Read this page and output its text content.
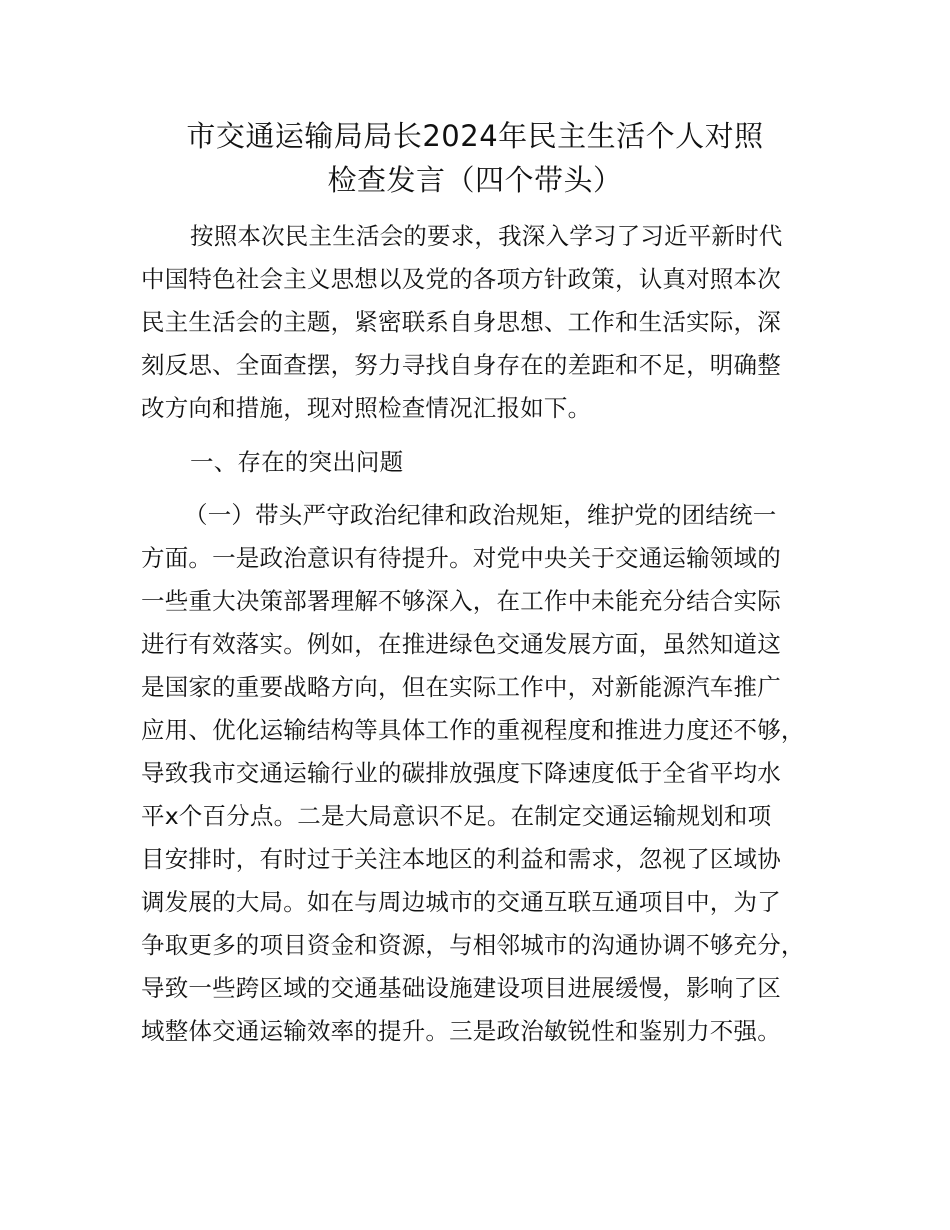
市交通运输局局长2024年民主生活个人对照
检查发言（四个带头）
按照本次民主生活会的要求，我深入学习了习近平新时代
中国特色社会主义思想以及党的各项方针政策，认真对照本次
民主生活会的主题，紧密联系自身思想、工作和生活实际，深
刻反思、全面查摆，努力寻找自身存在的差距和不足，明确整
改方向和措施，现对照检查情况汇报如下。
一、存在的突出问题
（一）带头严守政治纪律和政治规矩，维护党的团结统一
方面。一是政治意识有待提升。对党中央关于交通运输领域的
一些重大决策部署理解不够深入，在工作中未能充分结合实际
进行有效落实。例如，在推进绿色交通发展方面，虽然知道这
是国家的重要战略方向，但在实际工作中，对新能源汽车推广
应用、优化运输结构等具体工作的重视程度和推进力度还不够，
导致我市交通运输行业的碳排放强度下降速度低于全省平均水
平x个百分点。二是大局意识不足。在制定交通运输规划和项
目安排时，有时过于关注本地区的利益和需求，忽视了区域协
调发展的大局。如在与周边城市的交通互联互通项目中，为了
争取更多的项目资金和资源，与相邻城市的沟通协调不够充分，
导致一些跨区域的交通基础设施建设项目进展缓慢，影响了区
域整体交通运输效率的提升。三是政治敏锐性和鉴别力不强。
